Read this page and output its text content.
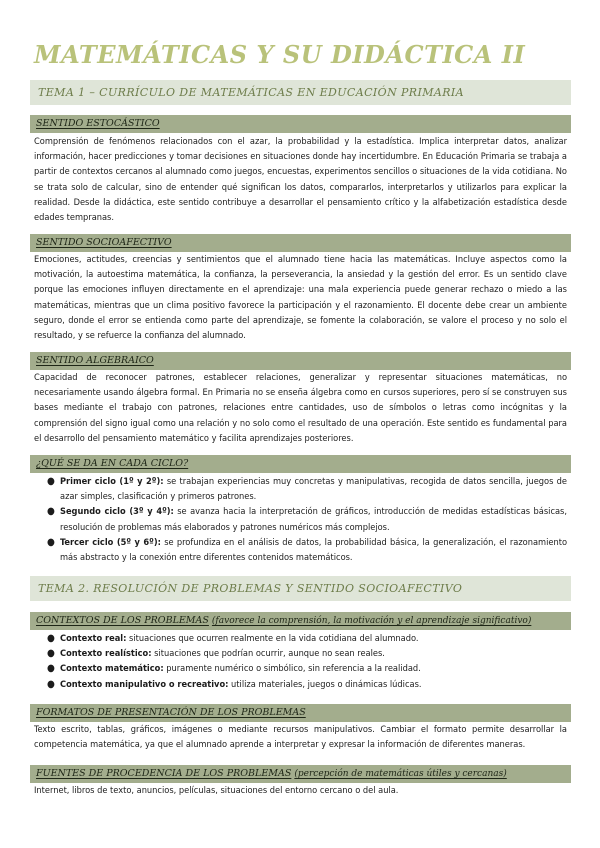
MATEMÁTICAS Y SU DIDÁCTICA II
TEMA 1 – CURRÍCULO DE MATEMÁTICAS EN EDUCACIÓN PRIMARIA
SENTIDO ESTOCÁSTICO

Comprensión de fenómenos relacionados con el azar, la probabilidad y la estadística. Implica interpretar datos, analizar información, hacer predicciones y tomar decisiones en situaciones donde hay incertidumbre. En Educación Primaria se trabaja a partir de contextos cercanos al alumnado como juegos, encuestas, experimentos sencillos o situaciones de la vida cotidiana. No se trata solo de calcular, sino de entender qué significan los datos, compararlos, interpretarlos y utilizarlos para explicar la realidad. Desde la didáctica, este sentido contribuye a desarrollar el pensamiento crítico y la alfabetización estadística desde edades tempranas.

SENTIDO SOCIOAFECTIVO

Emociones, actitudes, creencias y sentimientos que el alumnado tiene hacia las matemáticas. Incluye aspectos como la motivación, la autoestima matemática, la confianza, la perseverancia, la ansiedad y la gestión del error. Es un sentido clave porque las emociones influyen directamente en el aprendizaje: una mala experiencia puede generar rechazo o miedo a las matemáticas, mientras que un clima positivo favorece la participación y el razonamiento. El docente debe crear un ambiente seguro, donde el error se entienda como parte del aprendizaje, se fomente la colaboración, se valore el proceso y no solo el resultado, y se refuerce la confianza del alumnado.

SENTIDO ALGEBRAICO

Capacidad de reconocer patrones, establecer relaciones, generalizar y representar situaciones matemáticas, no necesariamente usando álgebra formal. En Primaria no se enseña álgebra como en cursos superiores, pero sí se construyen sus bases mediante el trabajo con patrones, relaciones entre cantidades, uso de símbolos o letras como incógnitas y la comprensión del signo igual como una relación y no solo como el resultado de una operación. Este sentido es fundamental para el desarrollo del pensamiento matemático y facilita aprendizajes posteriores.

¿QUÉ SE DA EN CADA CICLO?
● Primer ciclo (1º y 2º): se trabajan experiencias muy concretas y manipulativas, recogida de datos sencilla, juegos de azar simples, clasificación y primeros patrones.
● Segundo ciclo (3º y 4º): se avanza hacia la interpretación de gráficos, introducción de medidas estadísticas básicas, resolución de problemas más elaborados y patrones numéricos más complejos.
● Tercer ciclo (5º y 6º): se profundiza en el análisis de datos, la probabilidad básica, la generalización, el razonamiento más abstracto y la conexión entre diferentes contenidos matemáticos.
TEMA 2. RESOLUCIÓN DE PROBLEMAS Y SENTIDO SOCIOAFECTIVO
CONTEXTOS DE LOS PROBLEMAS (favorece la comprensión, la motivación y el aprendizaje significativo)
● Contexto real: situaciones que ocurren realmente en la vida cotidiana del alumnado.
● Contexto realístico: situaciones que podrían ocurrir, aunque no sean reales.
● Contexto matemático: puramente numérico o simbólico, sin referencia a la realidad.
● Contexto manipulativo o recreativo: utiliza materiales, juegos o dinámicas lúdicas.
FORMATOS DE PRESENTACIÓN DE LOS PROBLEMAS

Texto escrito, tablas, gráficos, imágenes o mediante recursos manipulativos. Cambiar el formato permite desarrollar la competencia matemática, ya que el alumnado aprende a interpretar y expresar la información de diferentes maneras.

FUENTES DE PROCEDENCIA DE LOS PROBLEMAS (percepción de matemáticas útiles y cercanas)

Internet, libros de texto, anuncios, películas, situaciones del entorno cercano o del aula.
